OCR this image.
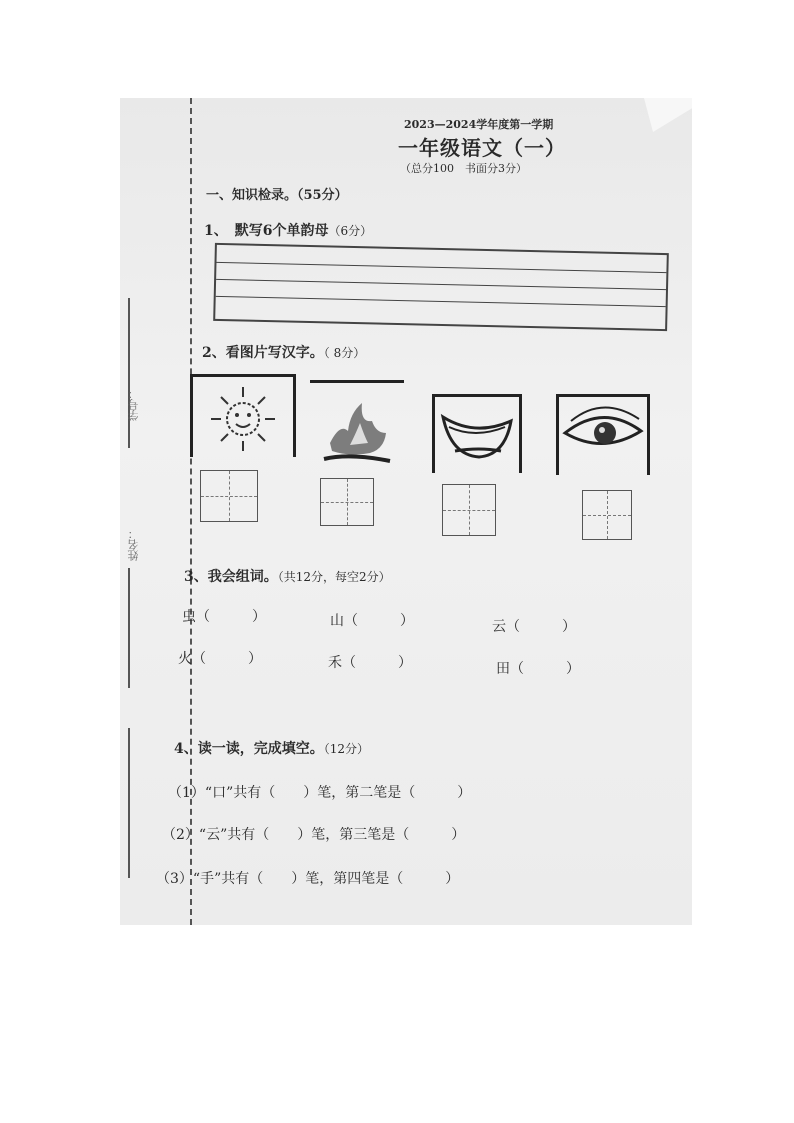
学号：
姓名：
2023—2024学年度第一学期
一年级语文（一）
（总分100　书面分3分）
一、知识检录。（55分）
1、　默写6个单韵母（6分）
2、看图片写汉字。（ 8分）
3、我会组词。（共12分，每空2分）
虫（　　　）	山（　　　）	云（　　　）
火（　　　）	禾（　　　）	田（　　　）
4、读一读，完成填空。（12分）
（1）“口”共有（　　）笔，第二笔是（　　　）
（2）“云”共有（　　）笔，第三笔是（　　　）
（3）“手”共有（　　）笔，第四笔是（　　　）
